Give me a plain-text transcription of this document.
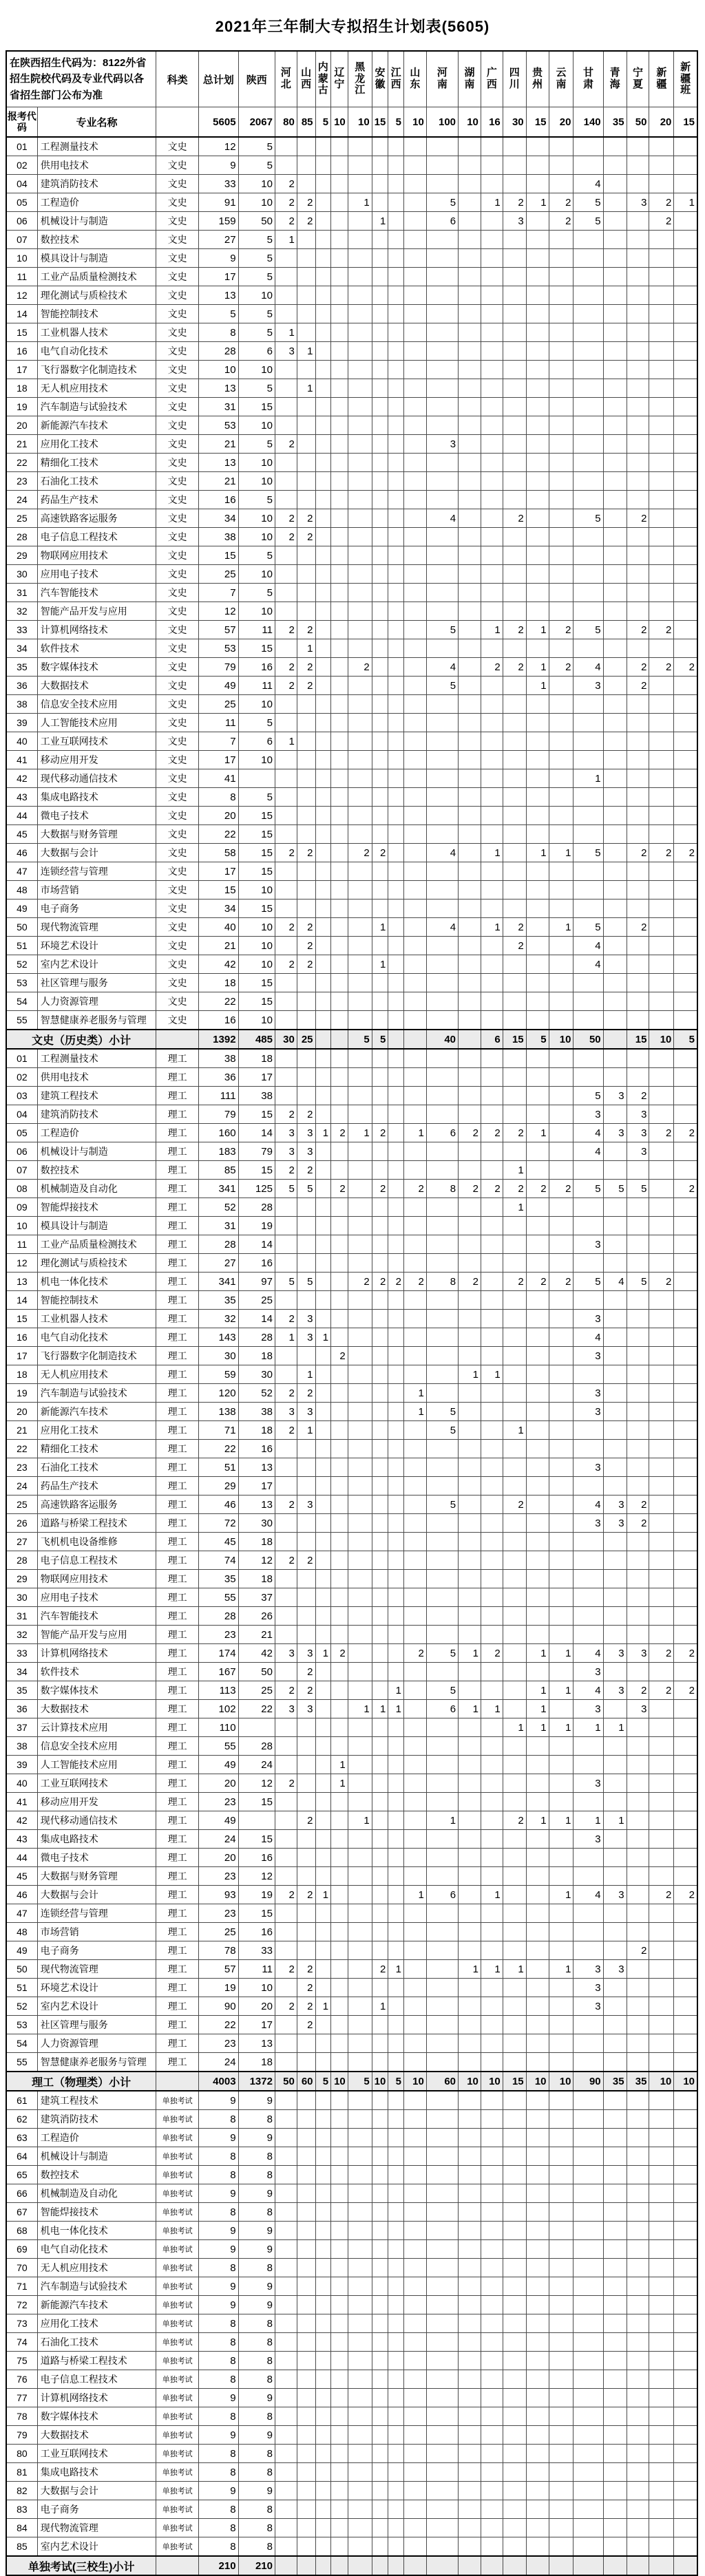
2021年三年制大专拟招生计划表(5605)
在陕西招生代码为：8122外省招生院校代码及专业代码以各省招生部门公布为准		科类	总计划	陕西	河北	山西	内蒙古	辽宁	黑龙江	安徽	江西	山东	河南	湖南	广西	四川	贵州	云南	甘肃	青海	宁夏	新疆	新疆班

报考代码	专业名称		5605	2067	80	85	5	10	10	15	5	10	100	10	16	30	15	20	140	35	50	20	15
01	工程测量技术	文史	12	5																			
02	供用电技术	文史	9	5																			
04	建筑消防技术	文史	33	10	2														4				
05	工程造价	文史	91	10	2	2			1				5		1	2	1	2	5		3	2	1
06	机械设计与制造	文史	159	50	2	2				1			6			3		2	5			2	
07	数控技术	文史	27	5	1																		
10	模具设计与制造	文史	9	5																			
11	工业产品质量检测技术	文史	17	5																			
12	理化测试与质检技术	文史	13	10																			
14	智能控制技术	文史	5	5																			
15	工业机器人技术	文史	8	5	1																		
16	电气自动化技术	文史	28	6	3	1																	
17	飞行器数字化制造技术	文史	10	10																			
18	无人机应用技术	文史	13	5		1																	
19	汽车制造与试验技术	文史	31	15																			
20	新能源汽车技术	文史	53	10																			
21	应用化工技术	文史	21	5	2								3										
22	精细化工技术	文史	13	10																			
23	石油化工技术	文史	21	10																			
24	药品生产技术	文史	16	5																			
25	高速铁路客运服务	文史	34	10	2	2							4			2			5		2		
28	电子信息工程技术	文史	38	10	2	2																	
29	物联网应用技术	文史	15	5																			
30	应用电子技术	文史	25	10																			
31	汽车智能技术	文史	7	5																			
32	智能产品开发与应用	文史	12	10																			
33	计算机网络技术	文史	57	11	2	2							5		1	2	1	2	5		2	2	
34	软件技术	文史	53	15		1																	
35	数字媒体技术	文史	79	16	2	2			2				4		2	2	1	2	4		2	2	2
36	大数据技术	文史	49	11	2	2							5				1		3		2		
38	信息安全技术应用	文史	25	10																			
39	人工智能技术应用	文史	11	5																			
40	工业互联网技术	文史	7	6	1																		
41	移动应用开发	文史	17	10																			
42	现代移动通信技术	文史	41																1				
43	集成电路技术	文史	8	5																			
44	微电子技术	文史	20	15																			
45	大数据与财务管理	文史	22	15																			
46	大数据与会计	文史	58	15	2	2			2	2			4		1		1	1	5		2	2	2
47	连锁经营与管理	文史	17	15																			
48	市场营销	文史	15	10																			
49	电子商务	文史	34	15																			
50	现代物流管理	文史	40	10	2	2				1			4		1	2		1	5		2		
51	环境艺术设计	文史	21	10		2										2			4				
52	室内艺术设计	文史	42	10	2	2				1									4				
53	社区管理与服务	文史	18	15																			
54	人力资源管理	文史	22	15																			
55	智慧健康养老服务与管理	文史	16	10																			
文史（历史类）小计			1392	485	30	25			5	5			40		6	15	5	10	50		15	10	5
01	工程测量技术	理工	38	18																			
02	供用电技术	理工	36	17																			
03	建筑工程技术	理工	111	38															5	3	2		
04	建筑消防技术	理工	79	15	2	2													3		3		
05	工程造价	理工	160	14	3	3	1	2	1	2		1	6	2	2	2	1		4	3	3	2	2
06	机械设计与制造	理工	183	79	3	3													4		3		
07	数控技术	理工	85	15	2	2										1							
08	机械制造及自动化	理工	341	125	5	5		2		2		2	8	2	2	2	2	2	5	5	5		2
09	智能焊接技术	理工	52	28												1							
10	模具设计与制造	理工	31	19																			
11	工业产品质量检测技术	理工	28	14															3				
12	理化测试与质检技术	理工	27	16																			
13	机电一体化技术	理工	341	97	5	5			2	2	2	2	8	2		2	2	2	5	4	5	2	
14	智能控制技术	理工	35	25																			
15	工业机器人技术	理工	32	14	2	3													3				
16	电气自动化技术	理工	143	28	1	3	1												4				
17	飞行器数字化制造技术	理工	30	18				2											3				
18	无人机应用技术	理工	59	30		1								1	1								
19	汽车制造与试验技术	理工	120	52	2	2						1							3				
20	新能源汽车技术	理工	138	38	3	3						1	5						3				
21	应用化工技术	理工	71	18	2	1							5			1							
22	精细化工技术	理工	22	16																			
23	石油化工技术	理工	51	13															3				
24	药品生产技术	理工	29	17																			
25	高速铁路客运服务	理工	46	13	2	3							5			2			4	3	2		
26	道路与桥梁工程技术	理工	72	30															3	3	2		
27	飞机机电设备维修	理工	45	18																			
28	电子信息工程技术	理工	74	12	2	2																	
29	物联网应用技术	理工	35	18																			
30	应用电子技术	理工	55	37																			
31	汽车智能技术	理工	28	26																			
32	智能产品开发与应用	理工	23	21																			
33	计算机网络技术	理工	174	42	3	3	1	2				2	5	1	2		1	1	4	3	3	2	2
34	软件技术	理工	167	50		2													3				
35	数字媒体技术	理工	113	25	2	2					1		5				1	1	4	3	2	2	2
36	大数据技术	理工	102	22	3	3			1	1	1		6	1	1		1		3		3		
37	云计算技术应用	理工	110													1	1	1	1	1			
38	信息安全技术应用	理工	55	28																			
39	人工智能技术应用	理工	49	24				1															
40	工业互联网技术	理工	20	12	2			1											3				
41	移动应用开发	理工	23	15																			
42	现代移动通信技术	理工	49			2			1				1			2	1	1	1	1			
43	集成电路技术	理工	24	15															3				
44	微电子技术	理工	20	16																			
45	大数据与财务管理	理工	23	12																			
46	大数据与会计	理工	93	19	2	2	1					1	6		1			1	4	3		2	2
47	连锁经营与管理	理工	23	15																			
48	市场营销	理工	25	16																			
49	电子商务	理工	78	33																	2		
50	现代物流管理	理工	57	11	2	2				2	1			1	1	1		1	3	3			
51	环境艺术设计	理工	19	10		2													3				
52	室内艺术设计	理工	90	20	2	2	1			1									3				
53	社区管理与服务	理工	22	17		2																	
54	人力资源管理	理工	23	13																			
55	智慧健康养老服务与管理	理工	24	18																			
理工（物理类）小计			4003	1372	50	60	5	10	5	10	5	10	60	10	10	15	10	10	90	35	35	10	10
61	建筑工程技术	单独考试	9	9																			
62	建筑消防技术	单独考试	8	8																			
63	工程造价	单独考试	9	9																			
64	机械设计与制造	单独考试	8	8																			
65	数控技术	单独考试	8	8																			
66	机械制造及自动化	单独考试	9	9																			
67	智能焊接技术	单独考试	8	8																			
68	机电一体化技术	单独考试	9	9																			
69	电气自动化技术	单独考试	9	9																			
70	无人机应用技术	单独考试	8	8																			
71	汽车制造与试验技术	单独考试	9	9																			
72	新能源汽车技术	单独考试	9	9																			
73	应用化工技术	单独考试	8	8																			
74	石油化工技术	单独考试	8	8																			
75	道路与桥梁工程技术	单独考试	8	8																			
76	电子信息工程技术	单独考试	8	8																			
77	计算机网络技术	单独考试	9	9																			
78	数字媒体技术	单独考试	8	8																			
79	大数据技术	单独考试	9	9																			
80	工业互联网技术	单独考试	8	8																			
81	集成电路技术	单独考试	8	8																			
82	大数据与会计	单独考试	9	9																			
83	电子商务	单独考试	8	8																			
84	现代物流管理	单独考试	8	8																			
85	室内艺术设计	单独考试	8	8																			
单独考试(三校生)小计			210	210																			
